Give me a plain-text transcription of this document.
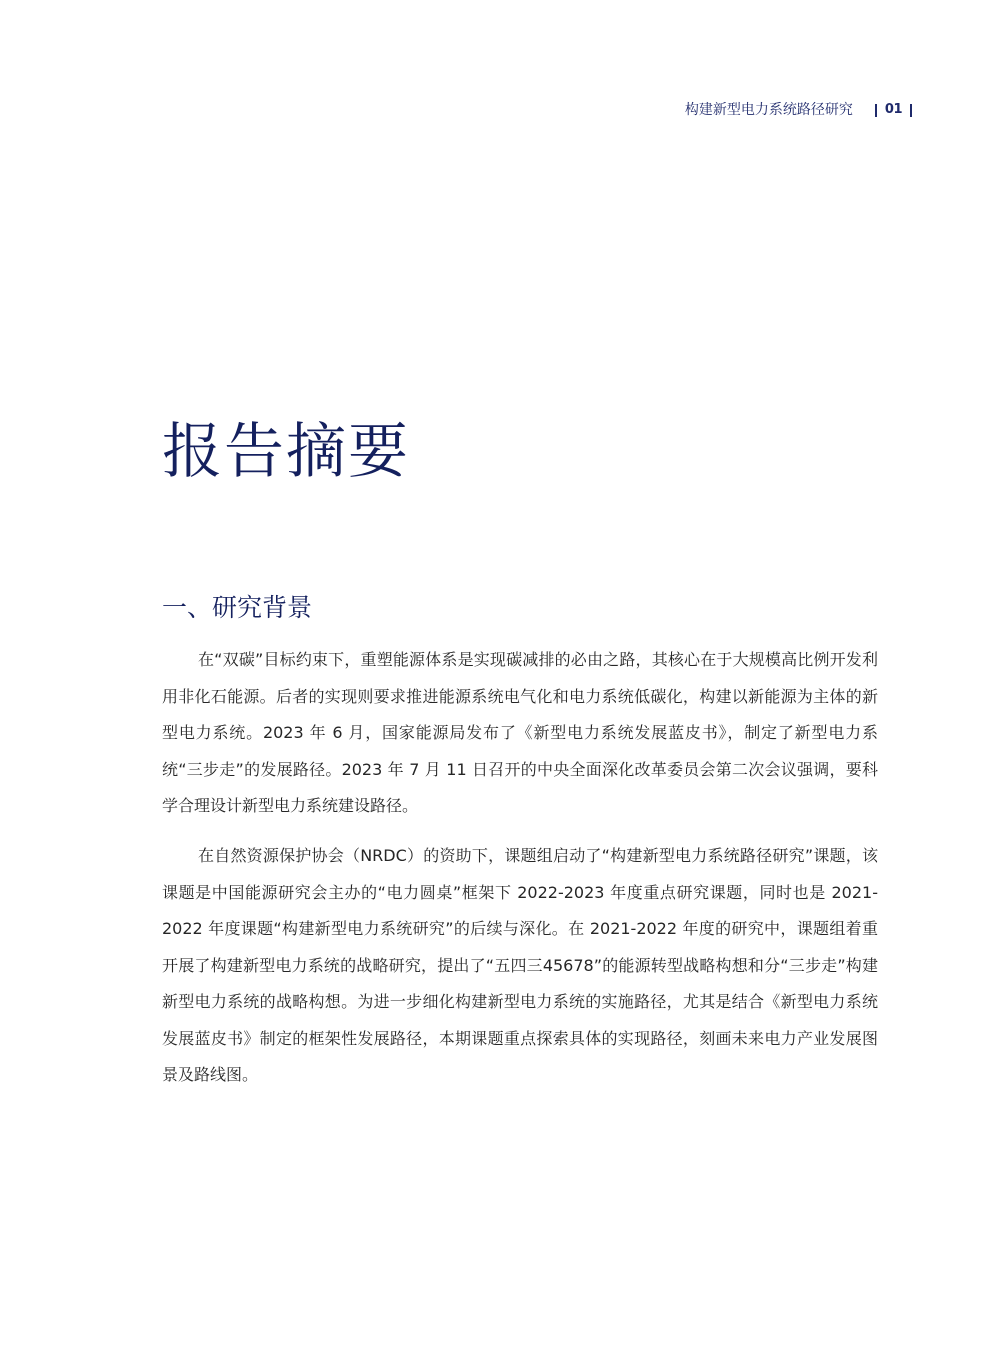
构建新型电力系统路径研究 01
报告摘要
一、研究背景

在“双碳”目标约束下，重塑能源体系是实现碳减排的必由之路，其核心在于大规模高比例开发利用非化石能源。后者的实现则要求推进能源系统电气化和电力系统低碳化，构建以新能源为主体的新型电力系统。2023 年 6 月，国家能源局发布了《新型电力系统发展蓝皮书》，制定了新型电力系统“三步走”的发展路径。2023 年 7 月 11 日召开的中央全面深化改革委员会第二次会议强调，要科学合理设计新型电力系统建设路径。

在自然资源保护协会（NRDC）的资助下，课题组启动了“构建新型电力系统路径研究”课题，该课题是中国能源研究会主办的“电力圆桌”框架下 2022-2023 年度重点研究课题，同时也是 2021-2022 年度课题“构建新型电力系统研究”的后续与深化。在 2021-2022 年度的研究中，课题组着重开展了构建新型电力系统的战略研究，提出了“五四三45678”的能源转型战略构想和分“三步走”构建新型电力系统的战略构想。为进一步细化构建新型电力系统的实施路径，尤其是结合《新型电力系统发展蓝皮书》制定的框架性发展路径，本期课题重点探索具体的实现路径，刻画未来电力产业发展图景及路线图。
